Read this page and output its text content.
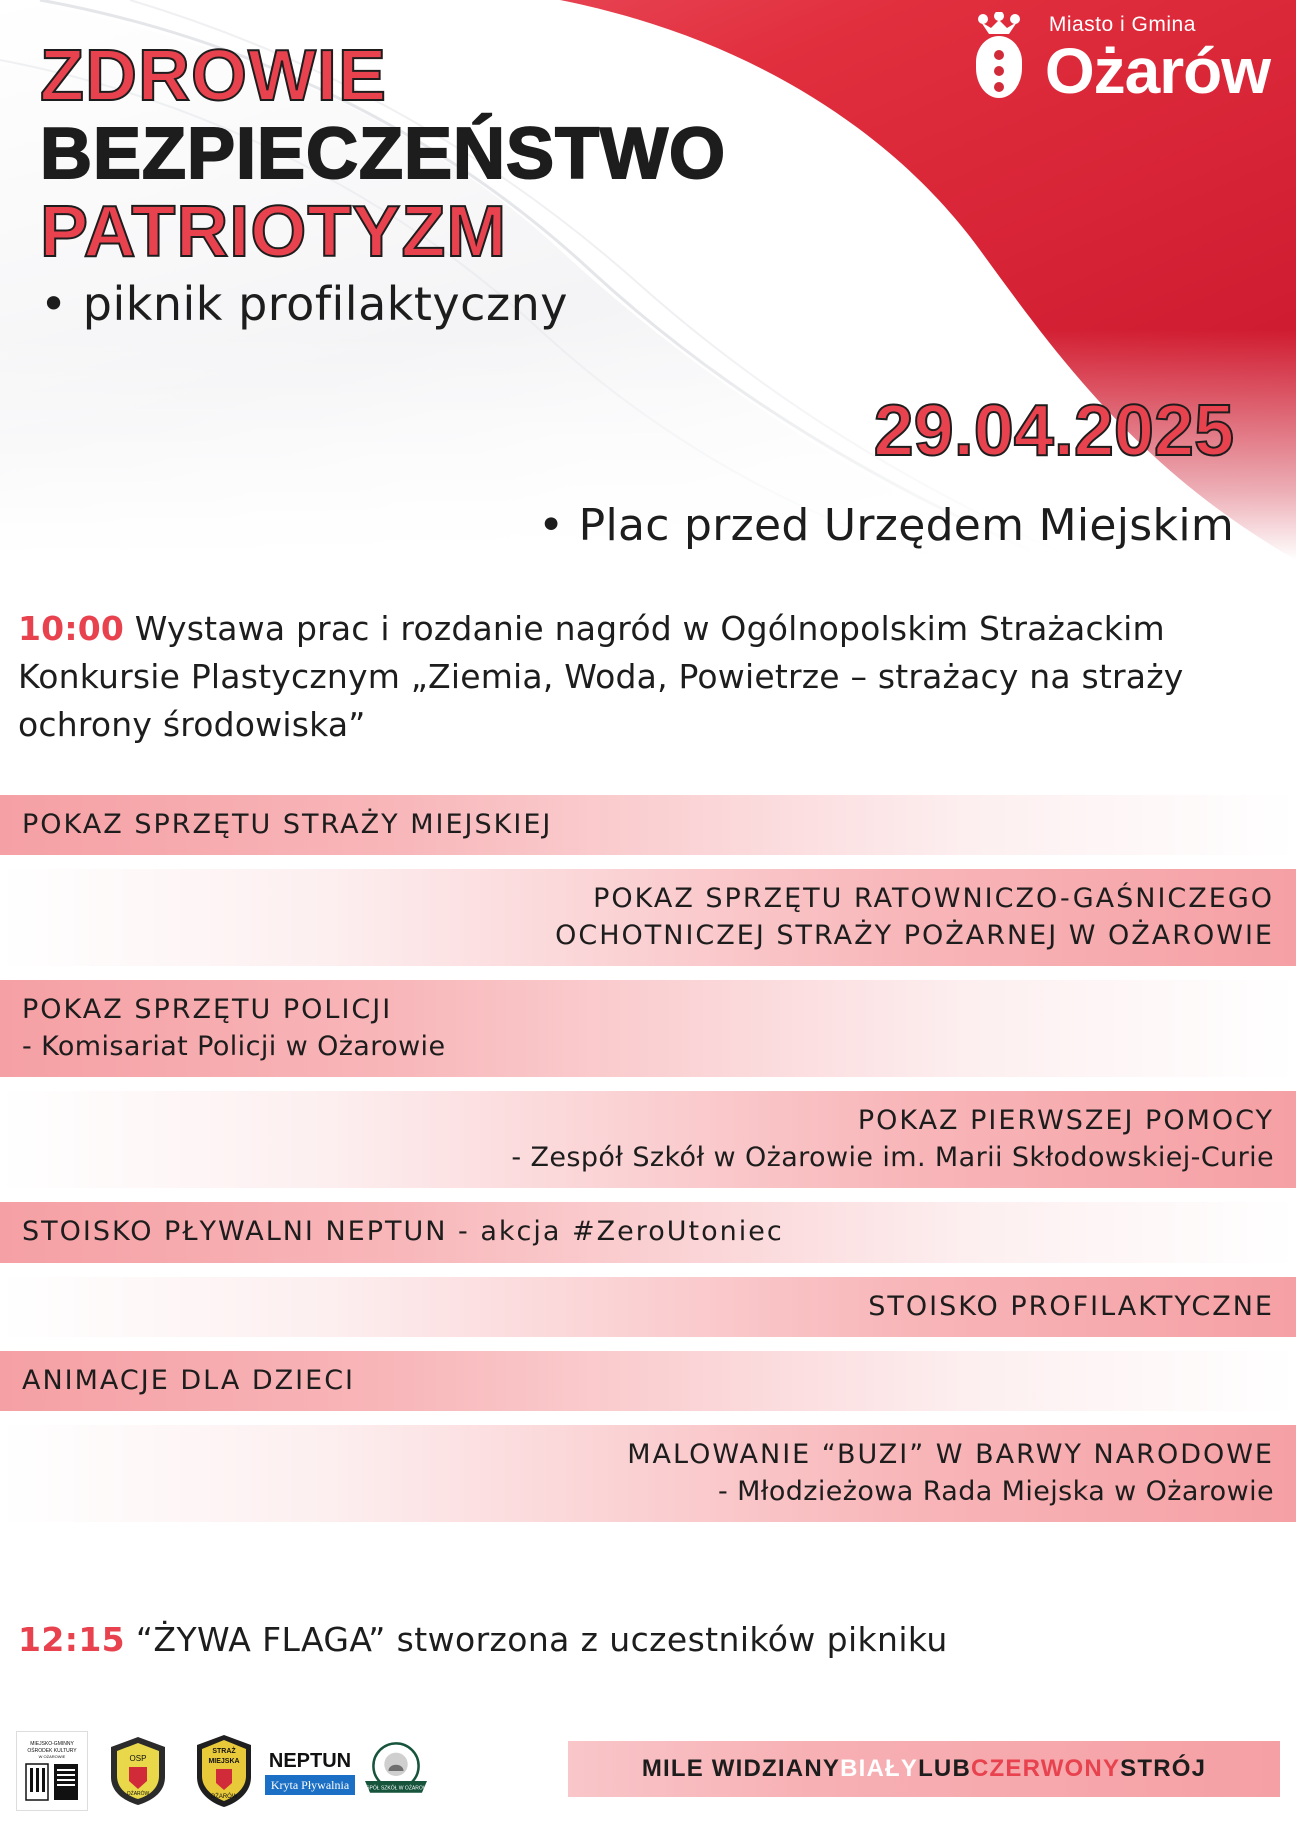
Miasto i Gmina
Ożarów
ZDROWIE
BEZPIECZEŃSTWO
PATRIOTYZM
• piknik profilaktyczny
29.04.2025
• Plac przed Urzędem Miejskim
10:00 Wystawa prac i rozdanie nagród w Ogólnopolskim Strażackim Konkursie Plastycznym „Ziemia, Woda, Powietrze – strażacy na straży ochrony środowiska”
POKAZ SPRZĘTU STRAŻY MIEJSKIEJ
POKAZ SPRZĘTU RATOWNICZO-GAŚNICZEGO
OCHOTNICZEJ STRAŻY POŻARNEJ W OŻAROWIE
POKAZ SPRZĘTU POLICJI
- Komisariat Policji w Ożarowie
POKAZ PIERWSZEJ POMOCY
- Zespół Szkół w Ożarowie im. Marii Skłodowskiej-Curie
STOISKO PŁYWALNI NEPTUN - akcja #ZeroUtoniec
STOISKO PROFILAKTYCZNE
ANIMACJE DLA DZIECI
MALOWANIE “BUZI” W BARWY NARODOWE
- Młodzieżowa Rada Miejska w Ożarowie
12:15 “ŻYWA FLAGA” stworzona z uczestników pikniku
MIEJSKO-GMINNY
OŚRODEK KULTURY
W OŻAROWIE	OSP
OŻARÓW
STRAŻ
MIEJSKA
OŻARÓW
NEPTUN
Kryta Pływalnia ZESPÓŁ SZKÓŁ W OŻAROWIE
MILE WIDZIANY BIAŁY LUB CZERWONY STRÓJ
